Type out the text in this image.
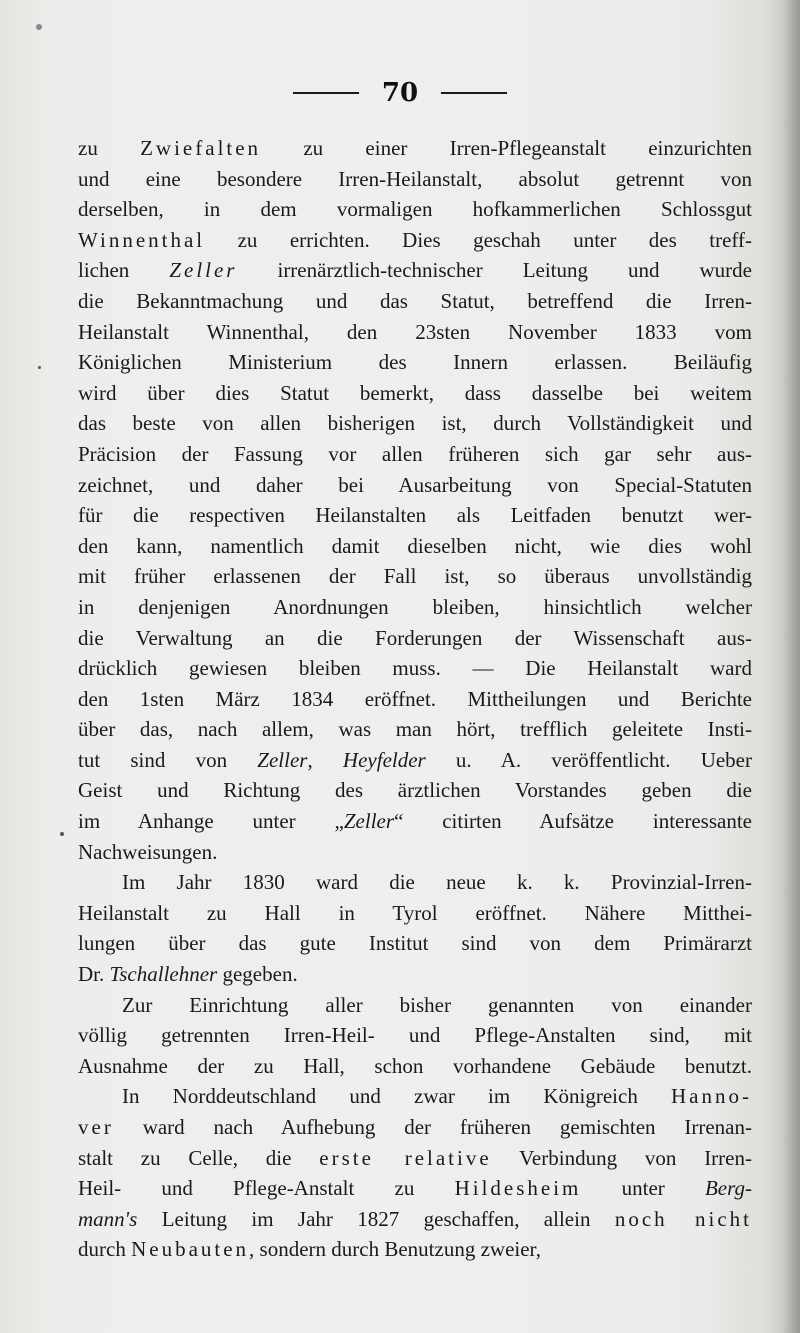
70
zu Zwiefalten zu einer Irren-Pflegeanstalt einzurichten
und eine besondere Irren-Heilanstalt, absolut getrennt von
derselben, in dem vormaligen hofkammerlichen Schlossgut
Winnenthal zu errichten. Dies geschah unter des treff-
lichen Zeller irrenärztlich-technischer Leitung und wurde
die Bekanntmachung und das Statut, betreffend die Irren-
Heilanstalt Winnenthal, den 23sten November 1833 vom
Königlichen Ministerium des Innern erlassen. Beiläufig
wird über dies Statut bemerkt, dass dasselbe bei weitem
das beste von allen bisherigen ist, durch Vollständigkeit und
Präcision der Fassung vor allen früheren sich gar sehr aus-
zeichnet, und daher bei Ausarbeitung von Special-Statuten
für die respectiven Heilanstalten als Leitfaden benutzt wer-
den kann, namentlich damit dieselben nicht, wie dies wohl
mit früher erlassenen der Fall ist, so überaus unvollständig
in denjenigen Anordnungen bleiben, hinsichtlich welcher
die Verwaltung an die Forderungen der Wissenschaft aus-
drücklich gewiesen bleiben muss. — Die Heilanstalt ward
den 1sten März 1834 eröffnet. Mittheilungen und Berichte
über das, nach allem, was man hört, trefflich geleitete Insti-
tut sind von Zeller, Heyfelder u. A. veröffentlicht. Ueber
Geist und Richtung des ärztlichen Vorstandes geben die
im Anhange unter „Zeller“ citirten Aufsätze interessante
Nachweisungen.
Im Jahr 1830 ward die neue k. k. Provinzial-Irren-
Heilanstalt zu Hall in Tyrol eröffnet. Nähere Mitthei-
lungen über das gute Institut sind von dem Primärarzt
Dr. Tschallehner gegeben.
Zur Einrichtung aller bisher genannten von einander
völlig getrennten Irren-Heil- und Pflege-Anstalten sind, mit
Ausnahme der zu Hall, schon vorhandene Gebäude benutzt.
In Norddeutschland und zwar im Königreich Hanno-
ver ward nach Aufhebung der früheren gemischten Irrenan-
stalt zu Celle, die erste relative Verbindung von Irren-
Heil- und Pflege-Anstalt zu Hildesheim unter Berg-
mann's Leitung im Jahr 1827 geschaffen, allein noch nicht
durch Neubauten, sondern durch Benutzung zweier,
